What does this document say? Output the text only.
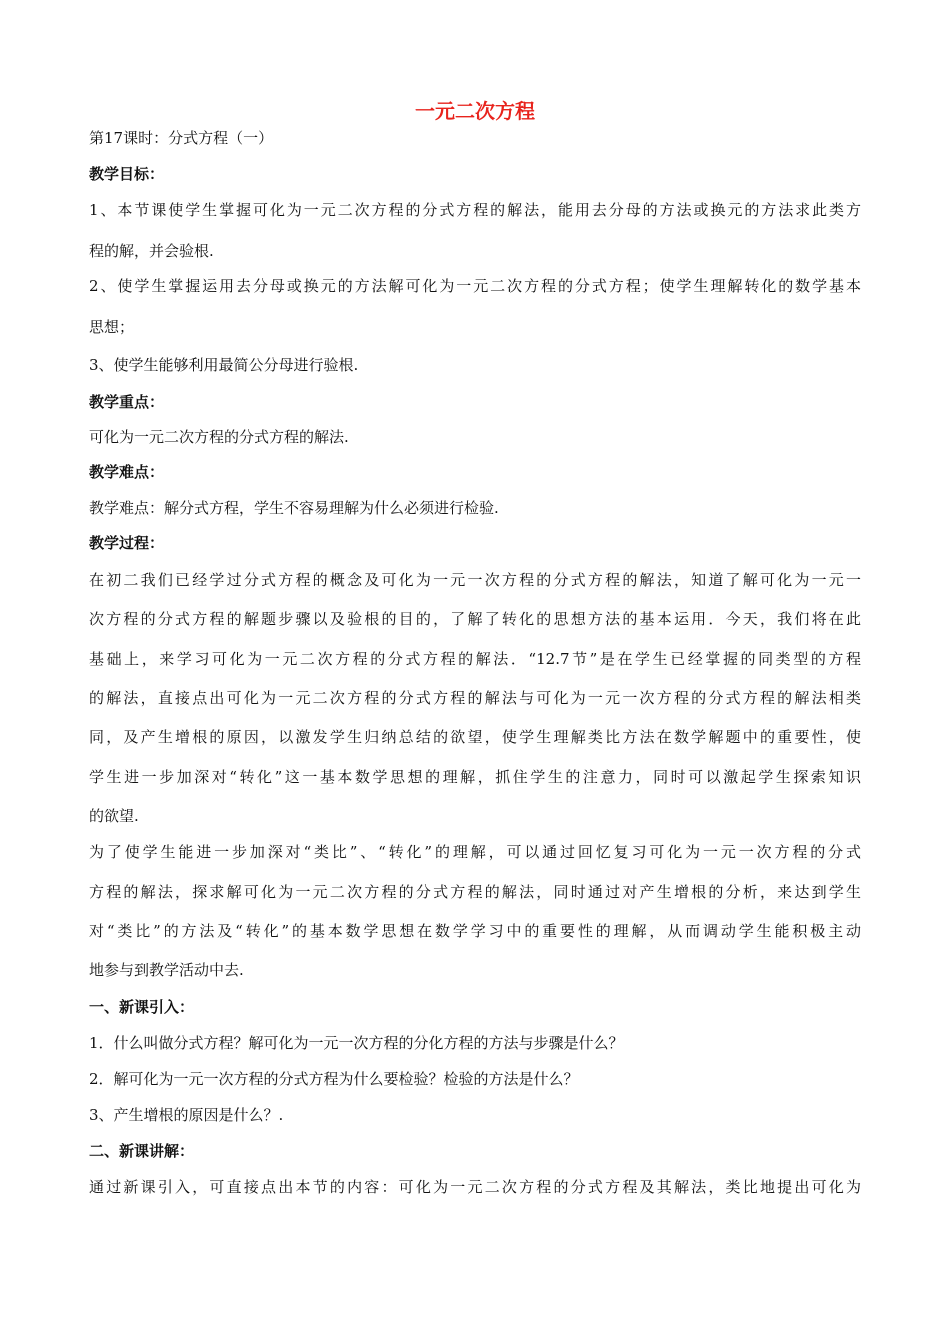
一元二次方程

第17课时：分式方程（一）

教学目标：

1、本节课使学生掌握可化为一元二次方程的分式方程的解法，能用去分母的方法或换元的方法求此类方

程的解，并会验根.

2、使学生掌握运用去分母或换元的方法解可化为一元二次方程的分式方程；使学生理解转化的数学基本

思想；

3、使学生能够利用最简公分母进行验根.

教学重点：

可化为一元二次方程的分式方程的解法.

教学难点：

教学难点：解分式方程，学生不容易理解为什么必须进行检验.

教学过程：

在初二我们已经学过分式方程的概念及可化为一元一次方程的分式方程的解法，知道了解可化为一元一

次方程的分式方程的解题步骤以及验根的目的，了解了转化的思想方法的基本运用．今天，我们将在此

基础上，来学习可化为一元二次方程的分式方程的解法．“12.7节”是在学生已经掌握的同类型的方程

的解法，直接点出可化为一元二次方程的分式方程的解法与可化为一元一次方程的分式方程的解法相类

同，及产生增根的原因，以激发学生归纳总结的欲望，使学生理解类比方法在数学解题中的重要性，使

学生进一步加深对“转化”这一基本数学思想的理解，抓住学生的注意力，同时可以激起学生探索知识

的欲望.

为了使学生能进一步加深对“类比”、“转化”的理解，可以通过回忆复习可化为一元一次方程的分式

方程的解法，探求解可化为一元二次方程的分式方程的解法，同时通过对产生增根的分析，来达到学生

对“类比”的方法及“转化”的基本数学思想在数学学习中的重要性的理解，从而调动学生能积极主动

地参与到教学活动中去.

一、新课引入：

1．什么叫做分式方程？解可化为一元一次方程的分化方程的方法与步骤是什么？

2．解可化为一元一次方程的分式方程为什么要检验？检验的方法是什么？

3、产生增根的原因是什么？.

二、新课讲解：

通过新课引入，可直接点出本节的内容：可化为一元二次方程的分式方程及其解法，类比地提出可化为
